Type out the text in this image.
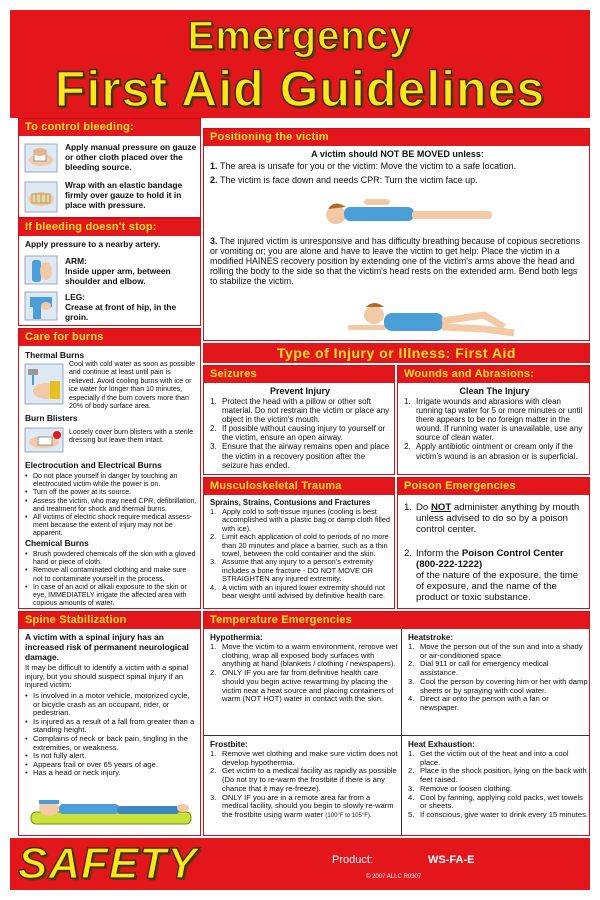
Emergency
First Aid Guidelines
To control bleeding:
Apply manual pressure on gauze or other cloth placed over the bleeding source.
Wrap with an elastic bandage firmly over gauze to hold it in place with pressure.
If bleeding doesn't stop:
Apply pressure to a nearby artery.
ARM:
Inside upper arm, between shoulder and elbow.
LEG:
Crease at front of hip, in the groin.
Care for burns
Thermal Burns
Cool with cold water as soon as possible and continue at least until pain is relieved. Avoid cooling burns with ice or ice water for longer than 10 minutes, especially if the burn covers more than 20% of body surface area.
Burn Blisters
Loosely cover burn blisters with a sterile dressing but leave them intact.
Electrocution and Electrical Burns
• Do not place yourself in danger by touching an electrocuted victim while the power is on.
• Turn off the power at its source.
• Assess the victim, who may need CPR, defibrillation, and treatment for shock and thermal burns.
• All victims of electric shock require medical assess-ment because the extent of injury may not be apparent.
Chemical Burns
• Brush powdered chemicals off the skin with a gloved hand or piece of cloth.
• Remove all contaminated clothing and make sure not to contaminate yourself in the process.
• In case of an acid or alkali exposure to the skin or eye, IMMEDIATELY irrigate the affected area with copious amounts of water.
Spine Stabilization
A victim with a spinal injury has an increased risk of permanent neurological damage.
It may be difficult to identify a victim with a spinal injury, but you should suspect spinal injury if an injured victim:
• Is involved in a motor vehicle, motorized cycle, or bicycle crash as an occupant, rider, or pedestrian.
• Is injured as a result of a fall from greater than a standing height.
• Complains of neck or back pain, tingling in the extremities, or weakness.
• Is not fully alert.
• Appears frail or over 65 years of age.
• Has a head or neck injury.
Positioning the victim
A victim should NOT BE MOVED unless:
1. The area is unsafe for you or the victim: Move the victim to a safe location.
2. The victim is face down and needs CPR: Turn the victim face up.
3. The injured victim is unresponsive and has difficulty breathing because of copious secretions or vomiting or; you are alone and have to leave the victim to get help: Place the victim in a modified HAINES recovery position by extending one of the victim's arms above the head and rolling the body to the side so that the victim's head rests on the extended arm. Bend both legs to stabilize the victim.
Type of Injury or Illness: First Aid
Seizures
Prevent Injury
1. Protect the head with a pillow or other soft material. Do not restrain the victim or place any object in the victim's mouth.
2. If possible without causing injury to yourself or the victim, ensure an open airway.
3. Ensure that the airway remains open and place the victim in a recovery position after the seizure has ended.
Wounds and Abrasions:
Clean The Injury
1. Irrigate wounds and abrasions with clean running tap water for 5 or more minutes or until there appears to be no foreign matter in the wound. If running water is unavailable, use any source of clean water.
2. Apply antibiotic ointment or cream only if the victim's wound is an abrasion or is superficial.
Musculoskeletal Trauma
Sprains, Strains, Contusions and Fractures
1. Apply cold to soft-tissue injuries (cooling is best accomplished with a plastic bag or damp cloth filled with ice).
2. Limit each application of cold to periods of no more than 20 minutes and place a barrier, such as a thin towel, between the cold container and the skin.
3. Assume that any injury to a person's extremity includes a bone fracture - DO NOT MOVE OR STRAIGHTEN any injured extremity.
4. A victim with an injured lower extremity should not bear weight until advised by definitive health care.
Poison Emergencies
1. Do NOT administer anything by mouth unless advised to do so by a poison control center.
2. Inform the Poison Control Center
(800-222-1222)
of the nature of the exposure, the time of exposure, and the name of the product or toxic substance.
Temperature Emergencies
Hypothermia:
1. Move the victim to a warm environment, remove wet clothing, wrap all exposed body surfaces with anything at hand (blankets / clothing / newspapers).
2. ONLY IF you are far from definitive health care should you begin active rewarming by placing the victim near a heat source and placing containers of warm (NOT HOT) water in contact with the skin.
Frostbite:
1. Remove wet clothing and make sure victim does not develop hypothermia.
2. Get victim to a medical facility as rapidly as possible (Do not try to re-warm the frostbite if there is any chance that it may re-freeze).
3. ONLY IF you are in a remote area far from a medical facility, should you begin to slowly re-warm the frostbite using warm water (100°F to 105°F).
Heatstroke:
1. Move the person out of the sun and into a shady or air-conditioned space.
2. Dial 911 or call for emergency medical assistance.
3. Cool the person by covering him or her with damp sheets or by spraying with cool water.
4. Direct air onto the person with a fan or newspaper.
Heat Exhaustion:
1. Get the victim out of the heat and into a cool place.
2. Place in the shock position, lying on the back with feet raised.
3. Remove or loosen clothing.
4. Cool by fanning, applying cold packs, wet towels or sheets.
5. If conscious, give water to drink every 15 minutes.
SAFETY	Product:	WS-FA-E
© 2007 ALLC R0307
